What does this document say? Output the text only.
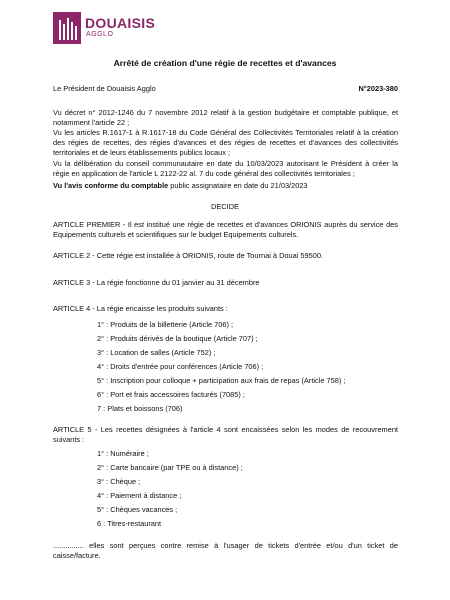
DOUAISIS
AGGLO
Arrêté de création d'une régie de recettes et d'avances
Le Président de Douaisis Agglo	N°2023-380
Vu décret n° 2012-1246 du 7 novembre 2012 relatif à la gestion budgétaire et comptable publique, et notamment l'article 22 ;
Vu les articles R.1617-1 à R.1617-18 du Code Général des Collectivités Territoriales relatif à la création des régies de recettes, des régies d'avances et des régies de recettes et d'avances des collectivités territoriales et de leurs établissements publics locaux ;
Vu la délibération du conseil communautaire en date du 10/03/2023 autorisant le Président à créer la régie en application de l'article L 2122-22 al. 7 du code général des collectivités territoriales ;
Vu l'avis conforme du comptable public assignataire en date du 21/03/2023
DECIDE
ARTICLE PREMIER - Il est institué une régie de recettes et d'avances ORIONIS auprès du service des Equipements culturels et scientifiques sur le budget Equipements culturels.
ARTICLE 2 - Cette régie est installée à ORIONIS, route de Tournai à Douai 59500.
ARTICLE 3 - La régie fonctionne du 01 janvier au 31 décembre
ARTICLE 4 - La régie encaisse les produits suivants :
1° : Produits de la billetterie (Article 706) ;
2° : Produits dérivés de la boutique (Article 707) ;
3° : Location de salles (Article 752) ;
4° : Droits d'entrée pour conférences (Article 706) ;
5° : Inscription pour colloque + participation aux frais de repas (Article 758) ;
6° : Port et frais accessoires facturés (7085) ;
7 : Plats et boissons (706)
ARTICLE 5 - Les recettes désignées à l'article 4 sont encaissées selon les modes de recouvrement suivants :
1° : Numéraire ;
2° : Carte bancaire (par TPE ou à distance) ;
3° : Chèque ;
4° : Paiement à distance ;
5° : Chèques vacances ;
6 : Titres-restaurant
............... elles sont perçues contre remise à l'usager de tickets d'entrée et/ou d'un ticket de caisse/facture.
